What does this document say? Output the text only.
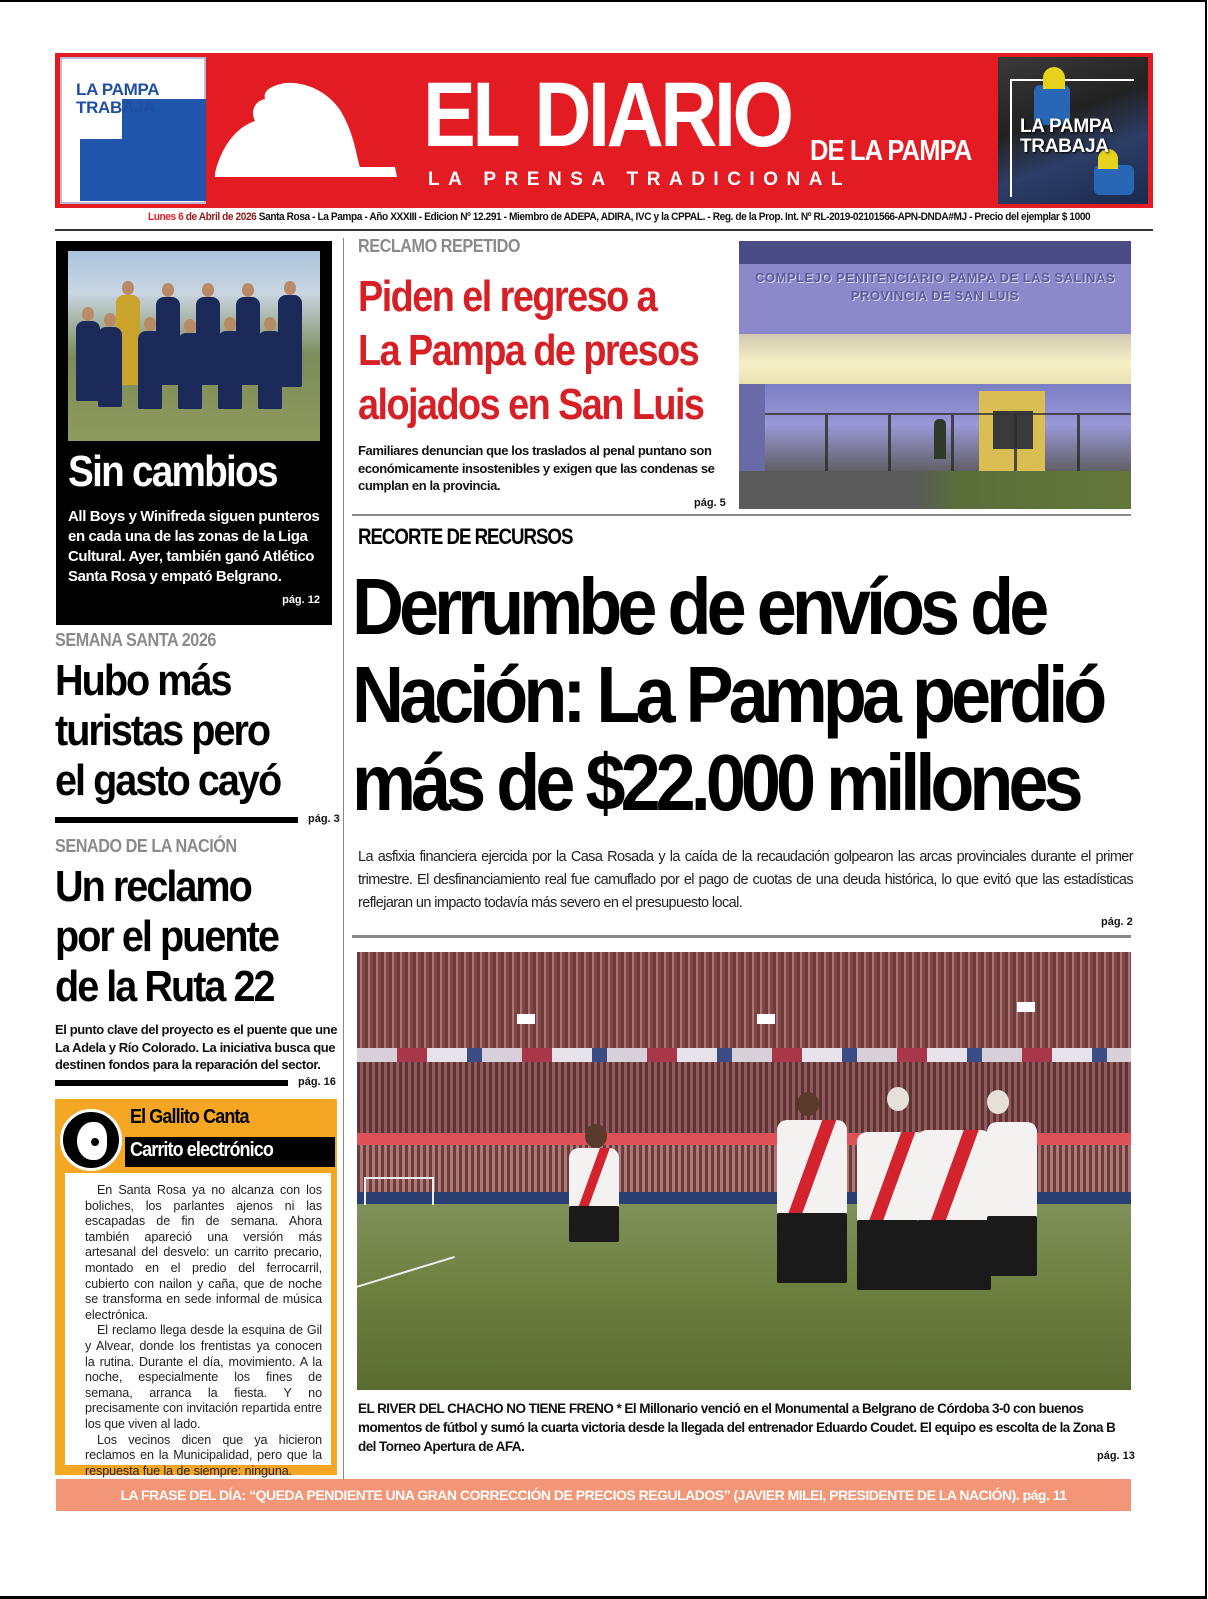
LA PAMPA
TRABAJA	EL DIARIO
LA PRENSA TRADICIONAL
DE LA PAMPA
LA PAMPA
TRABAJA
Lunes 6 de Abril de 2026 Santa Rosa - La Pampa - Año XXXIII - Edicion Nº 12.291 - Miembro de ADEPA, ADIRA, IVC y la CPPAL. - Reg. de la Prop. Int. Nº RL-2019-02101566-APN-DNDA#MJ - Precio del ejemplar $ 1000
Sin cambios

All Boys y Winifreda siguen punteros en cada una de las zonas de la Liga Cultural. Ayer, también ganó Atlético Santa Rosa y empató Belgrano.

pág. 12
SEMANA SANTA 2026
Hubo más
turistas pero
el gasto cayó
pág. 3
SENADO DE LA NACIÓN
Un reclamo
por el puente
de la Ruta 22

El punto clave del proyecto es el puente que une La Adela y Río Colorado. La iniciativa busca que destinen fondos para la reparación del sector.

pág. 16
El Gallito Canta
Carrito electrónico

En Santa Rosa ya no alcanza con los boliches, los parlantes ajenos ni las escapadas de fin de semana. Ahora también apareció una versión más artesanal del desvelo: un carrito precario, montado en el predio del ferrocarril, cubierto con nailon y caña, que de noche se transforma en sede informal de música electrónica.

El reclamo llega desde la esquina de Gil y Alvear, donde los frentistas ya conocen la rutina. Durante el día, movimiento. A la noche, especialmente los fines de semana, arranca la fiesta. Y no precisamente con invitación repartida entre los que viven al lado.

Los vecinos dicen que ya hicieron reclamos en la Municipalidad, pero que la respuesta fue la de siempre: ninguna.

RECLAMO REPETIDO
Piden el regreso a
La Pampa de presos
alojados en San Luis

Familiares denuncian que los traslados al penal puntano son económicamente insostenibles y exigen que las condenas se cumplan en la provincia.

pág. 5
COMPLEJO PENITENCIARIO PAMPA DE LAS SALINAS
PROVINCIA DE SAN LUIS
RECORTE DE RECURSOS
Derrumbe de envíos de
Nación: La Pampa perdió
más de $22.000 millones

La asfixia financiera ejercida por la Casa Rosada y la caída de la recaudación golpearon las arcas provinciales durante el primer trimestre. El desfinanciamiento real fue camuflado por el pago de cuotas de una deuda histórica, lo que evitó que las estadísticas reflejaran un impacto todavía más severo en el presupuesto local.

pág. 2

EL RIVER DEL CHACHO NO TIENE FRENO * El Millonario venció en el Monumental a Belgrano de Córdoba 3-0 con buenos momentos de fútbol y sumó la cuarta victoria desde la llegada del entrenador Eduardo Coudet. El equipo es escolta de la Zona B del Torneo Apertura de AFA.

pág. 13
LA FRASE DEL DÍA: “QUEDA PENDIENTE UNA GRAN CORRECCIÓN DE PRECIOS REGULADOS” (JAVIER MILEI, PRESIDENTE DE LA NACIÓN). pág. 11
